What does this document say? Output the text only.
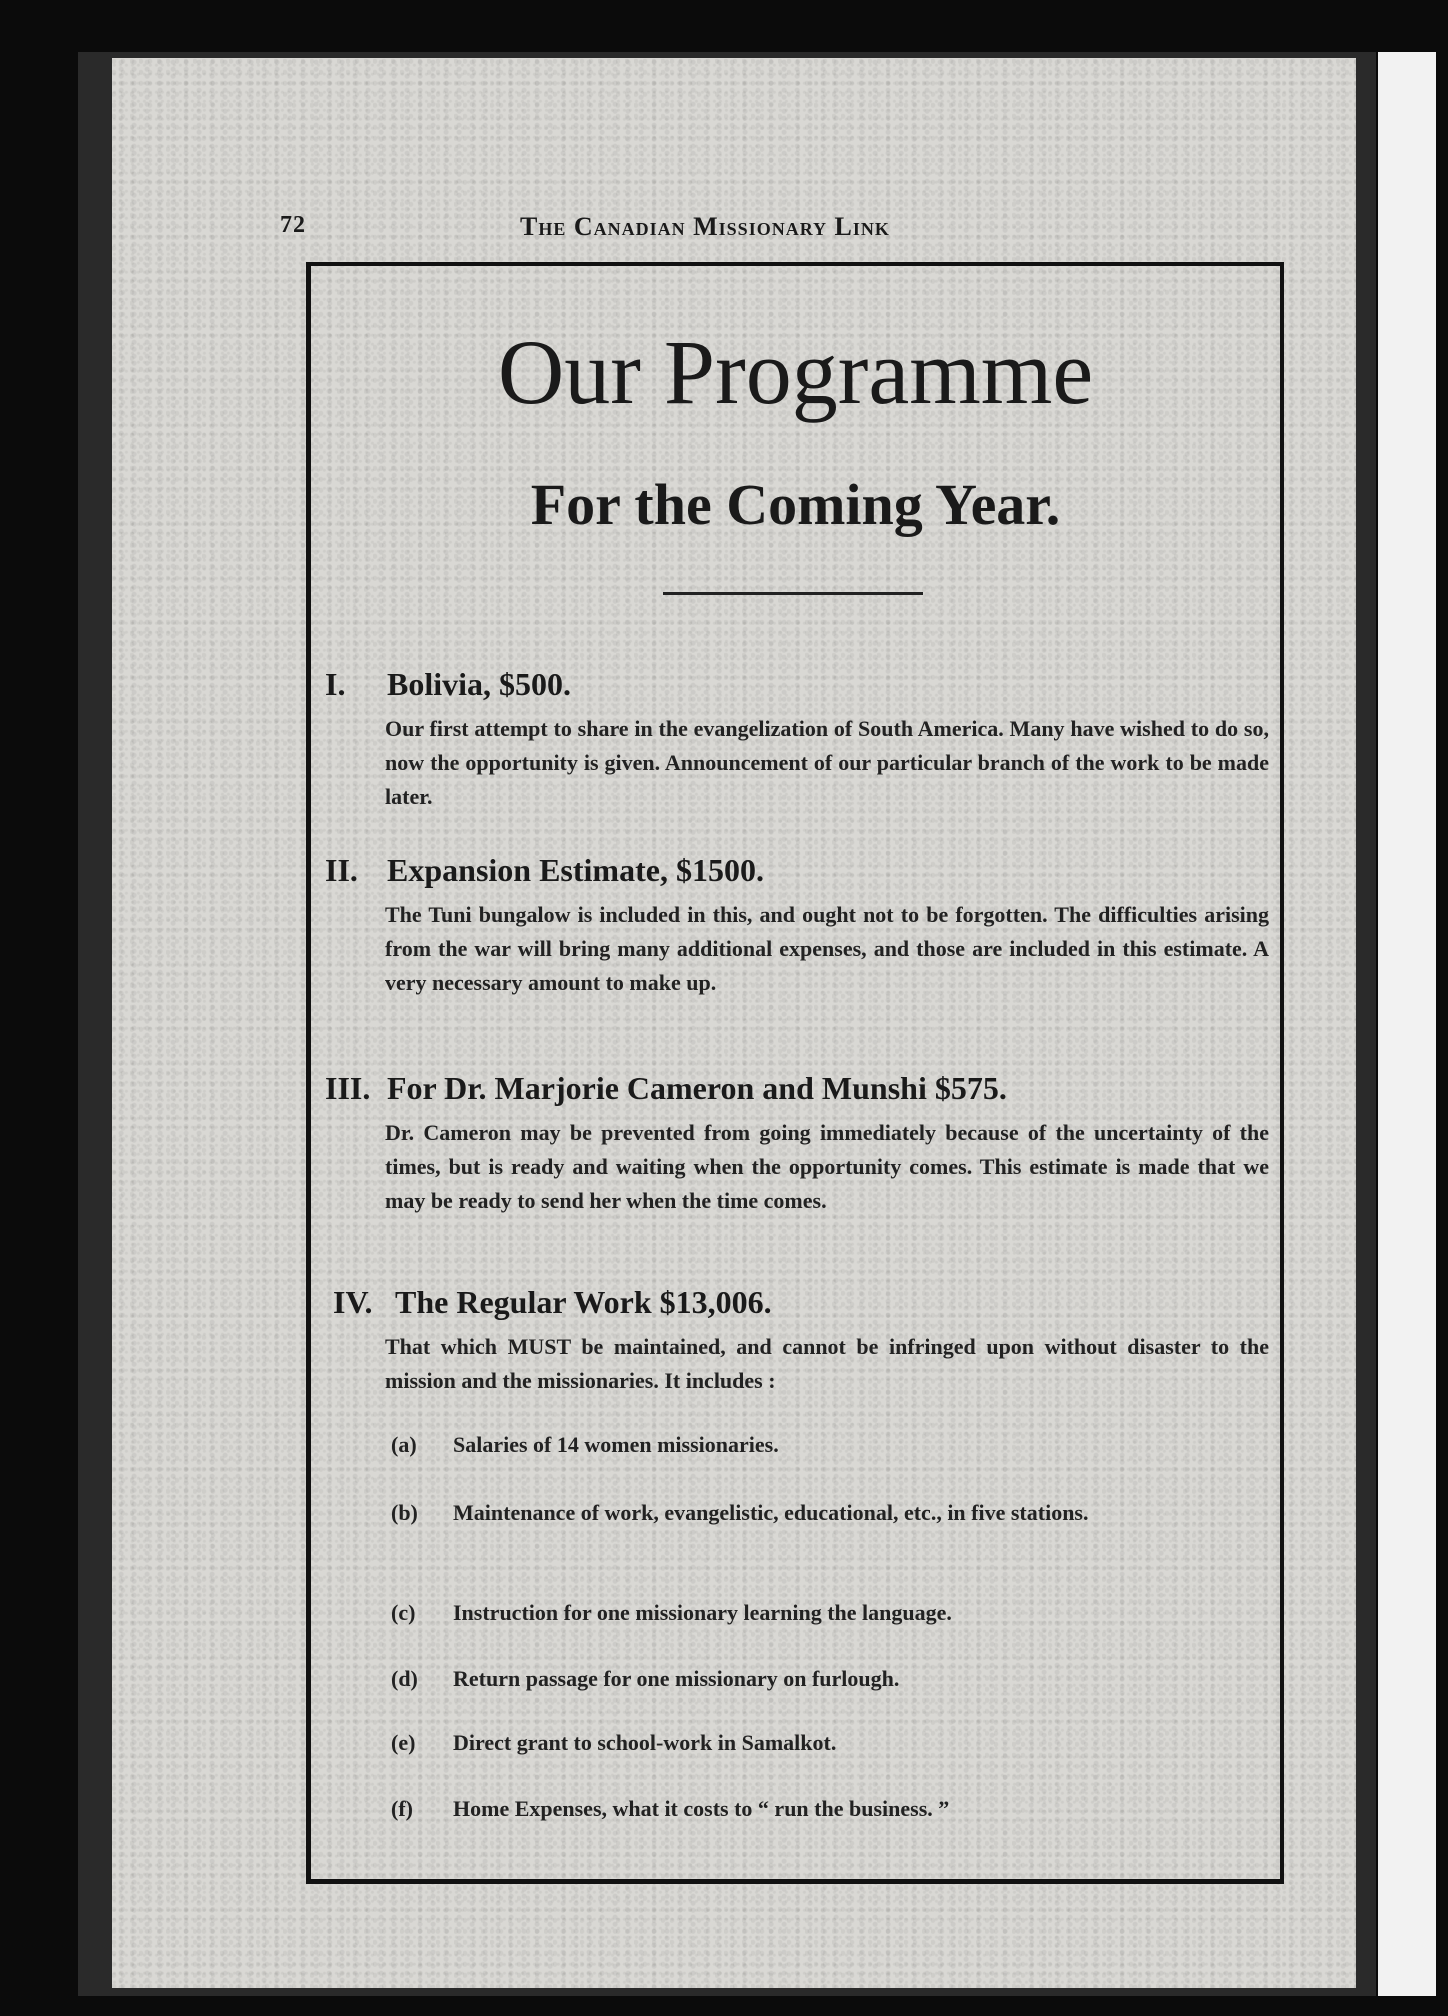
72	The Canadian Missionary Link
Our Programme
For the Coming Year.
I. Bolivia, $500.
Our first attempt to share in the evangelization of South America. Many have wished to do so, now the opportunity is given. Announcement of our particular branch of the work to be made later.
II. Expansion Estimate, $1500.
The Tuni bungalow is included in this, and ought not to be forgotten. The difficulties arising from the war will bring many additional expenses, and those are included in this estimate. A very necessary amount to make up.
III. For Dr. Marjorie Cameron and Munshi $575.
Dr. Cameron may be prevented from going immediately because of the uncertainty of the times, but is ready and waiting when the opportunity comes. This estimate is made that we may be ready to send her when the time comes.
IV. The Regular Work $13,006.
That which MUST be maintained, and cannot be infringed upon without disaster to the mission and the missionaries. It includes :
(a) Salaries of 14 women missionaries.
(b) Maintenance of work, evangelistic, educational, etc., in five stations.
(c) Instruction for one missionary learning the language.
(d) Return passage for one missionary on furlough.
(e) Direct grant to school-work in Samalkot.
(f) Home Expenses, what it costs to “ run the business. ”
